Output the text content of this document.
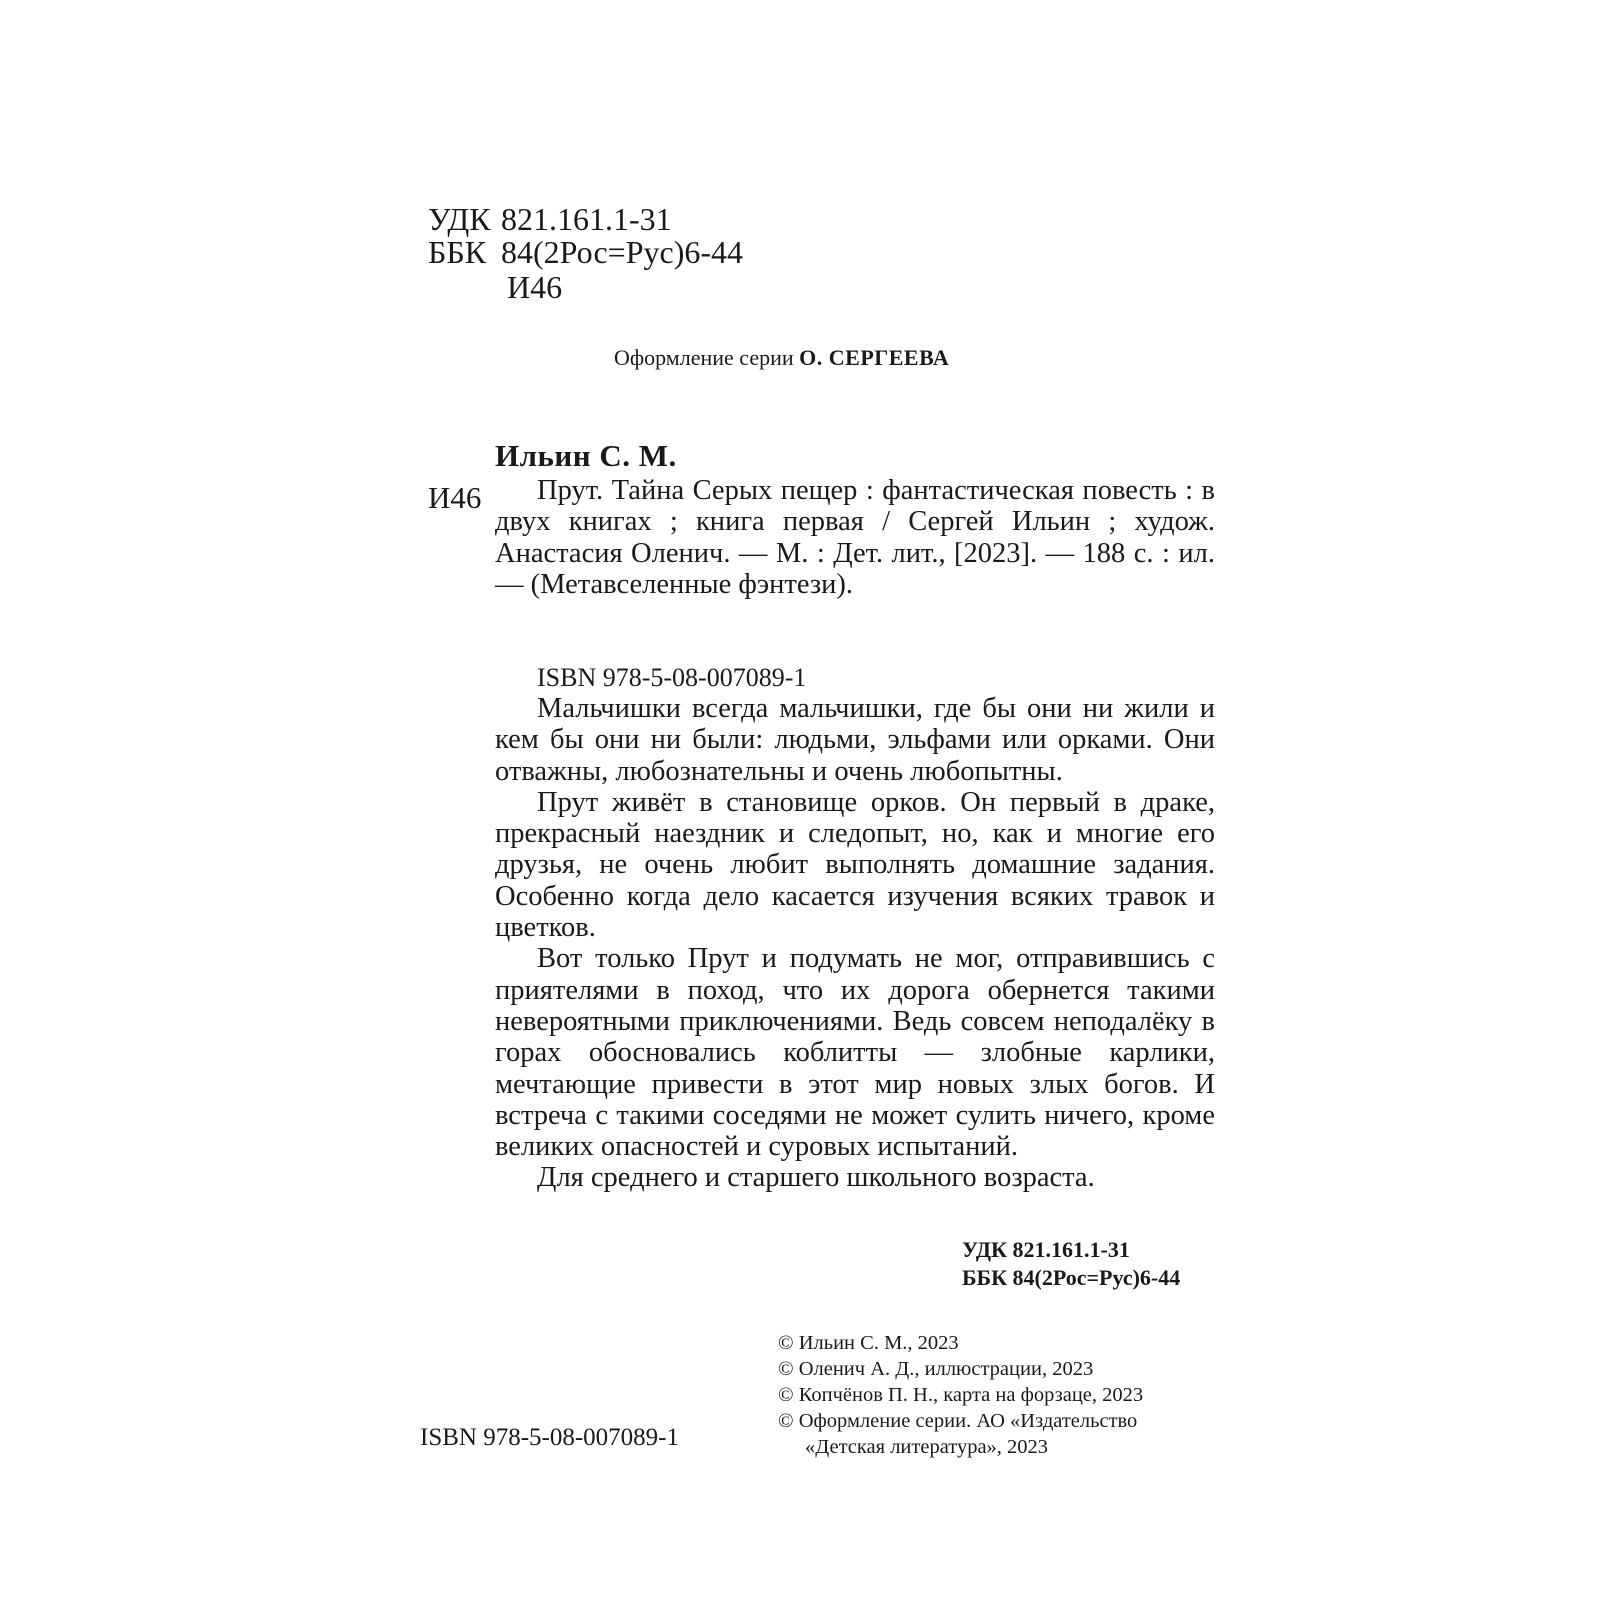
УДК 821.161.1-31
ББК 84(2Рос=Рус)6-44
И46
Оформление серии О. СЕРГЕЕВА
Ильин С. М.
И46	Прут. Тайна Серых пещер : фантастическая повесть : в двух книгах ; книга первая / Сергей Ильин ; худож. Анастасия Оленич. — М. : Дет. лит., [2023]. — 188 с. : ил. — (Метавселенные фэнтези).
ISBN 978-5-08-007089-1

Мальчишки всегда мальчишки, где бы они ни жили и кем бы они ни были: людьми, эльфами или орками. Они отважны, любознательны и очень любопытны.

Прут живёт в становище орков. Он первый в драке, прекрасный наездник и следопыт, но, как и многие его друзья, не очень любит выполнять домашние задания. Особенно когда дело касается изучения всяких травок и цветков.

Вот только Прут и подумать не мог, отправившись с приятелями в поход, что их дорога обернется такими невероятными приключениями. Ведь совсем неподалёку в горах обосновались коблитты — злобные карлики, мечтающие привести в этот мир новых злых богов. И встреча с такими соседями не может сулить ничего, кроме великих опасностей и суровых испытаний.

Для среднего и старшего школьного возраста.

УДК 821.161.1-31
ББК 84(2Рос=Рус)6-44
© Ильин С. М., 2023
© Оленич А. Д., иллюстрации, 2023
© Копчёнов П. Н., карта на форзаце, 2023
© Оформление серии. АО «Издательство
«Детская литература», 2023
ISBN 978-5-08-007089-1
